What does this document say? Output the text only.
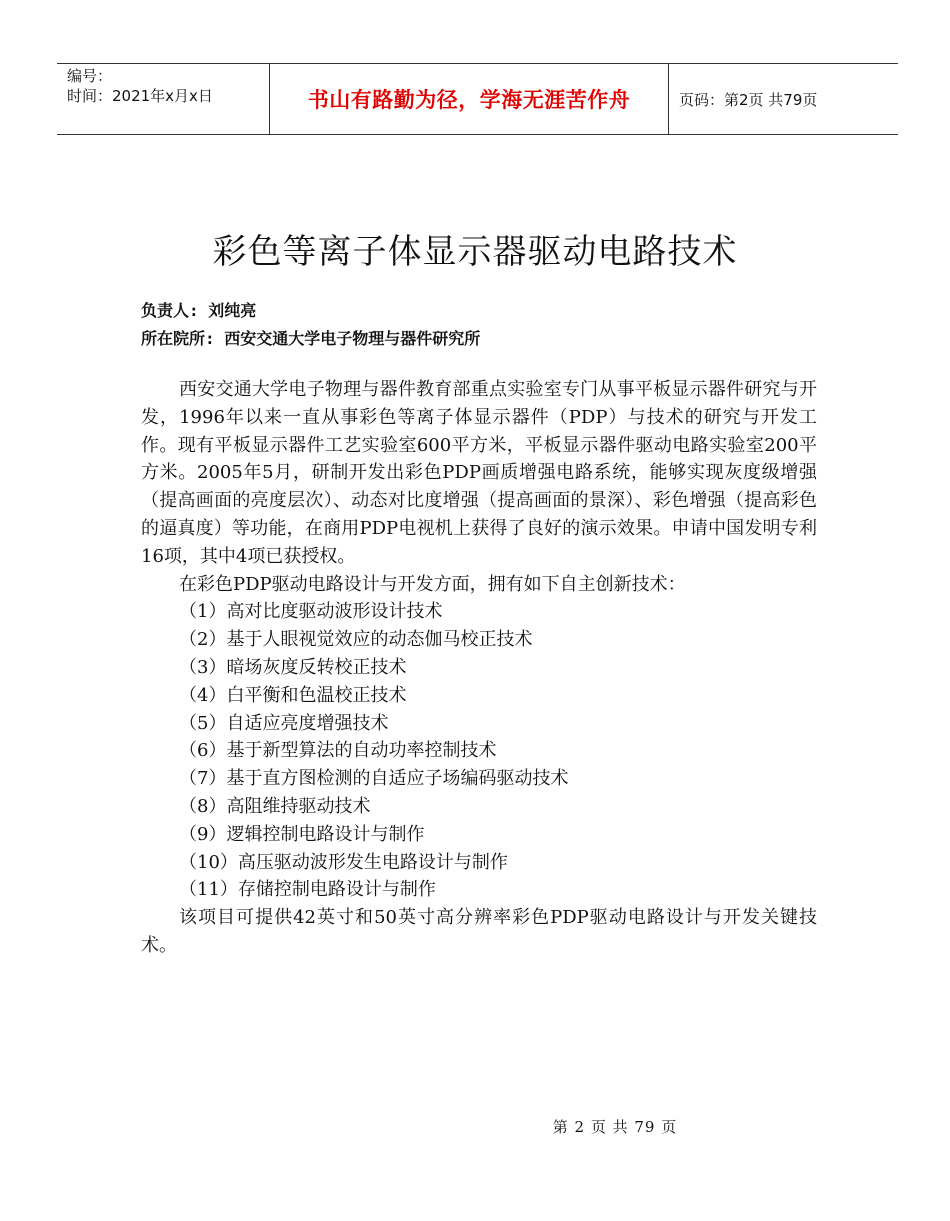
编号：
时间：2021年x月x日	书山有路勤为径，学海无涯苦作舟	页码：第2页 共79页
彩色等离子体显示器驱动电路技术
负责人: 刘纯亮
所在院所: 西安交通大学电子物理与器件研究所

西安交通大学电子物理与器件教育部重点实验室专门从事平板显示器件研究与开发，1996年以来一直从事彩色等离子体显示器件（PDP）与技术的研究与开发工作。现有平板显示器件工艺实验室600平方米，平板显示器件驱动电路实验室200平方米。2005年5月，研制开发出彩色PDP画质增强电路系统，能够实现灰度级增强（提高画面的亮度层次）、动态对比度增强（提高画面的景深）、彩色增强（提高彩色的逼真度）等功能，在商用PDP电视机上获得了良好的演示效果。申请中国发明专利16项，其中4项已获授权。

在彩色PDP驱动电路设计与开发方面，拥有如下自主创新技术：

（1）高对比度驱动波形设计技术
（2）基于人眼视觉效应的动态伽马校正技术
（3）暗场灰度反转校正技术
（4）白平衡和色温校正技术
（5）自适应亮度增强技术
（6）基于新型算法的自动功率控制技术
（7）基于直方图检测的自适应子场编码驱动技术
（8）高阻维持驱动技术
（9）逻辑控制电路设计与制作
（10）高压驱动波形发生电路设计与制作
（11）存储控制电路设计与制作

该项目可提供42英寸和50英寸高分辨率彩色PDP驱动电路设计与开发关键技术。

第 2 页 共 79 页
